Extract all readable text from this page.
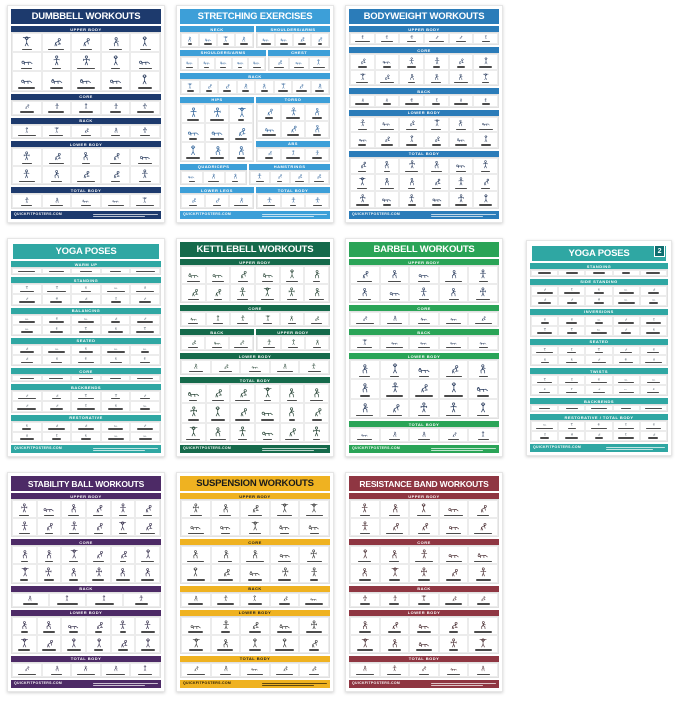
DUMBBELL WORKOUTS
UPPER BODY
CORE
BACK
LOWER BODY
TOTAL BODY
QUICKFITPOSTERS.COM
STRETCHING EXERCISES
NECK	SHOULDERS/ARMS
SHOULDERS/ARMS	CHEST
BACK
HIPS	TORSO
ABS
QUADRICEPS	HAMSTRINGS
LOWER LEGS	TOTAL BODY
QUICKFITPOSTERS.COM
BODYWEIGHT WORKOUTS
UPPER BODY
CORE
BACK
LOWER BODY
TOTAL BODY
QUICKFITPOSTERS.COM
YOGA POSES
WARM UP
STANDING
BALANCING
SEATED
CORE
BACKBENDS
RESTORATIVE
QUICKFITPOSTERS.COM
KETTLEBELL WORKOUTS
UPPER BODY
CORE
BACK	UPPER BODY
LOWER BODY
TOTAL BODY
QUICKFITPOSTERS.COM
BARBELL WORKOUTS
UPPER BODY
CORE
BACK
LOWER BODY
TOTAL BODY
QUICKFITPOSTERS.COM
YOGA POSES	2
STANDING
SIDE STANDING
INVERSIONS
SEATED
TWISTS
BACKBENDS
RESTORATIVE / TOTAL BODY
QUICKFITPOSTERS.COM
STABILITY BALL WORKOUTS
UPPER BODY
CORE
BACK
LOWER BODY
TOTAL BODY
QUICKFITPOSTERS.COM
SUSPENSION WORKOUTS
UPPER BODY
CORE
BACK
LOWER BODY
TOTAL BODY
QUICKFITPOSTERS.COM
RESISTANCE BAND WORKOUTS
UPPER BODY
CORE
BACK
LOWER BODY
TOTAL BODY
QUICKFITPOSTERS.COM
